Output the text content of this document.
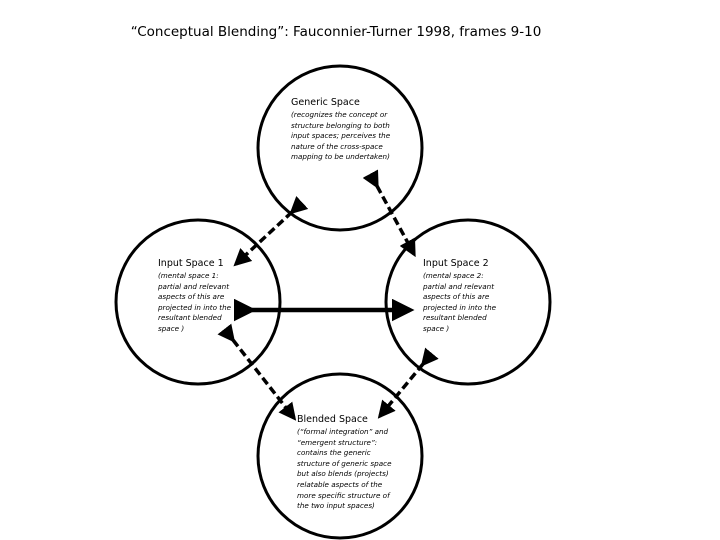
“Conceptual Blending”: Fauconnier-Turner 1998, frames 9-10
Generic Space
(recognizes the concept or
structure belonging to both
input spaces; perceives the
nature of the cross-space
mapping to be undertaken)
Input Space 1
(mental space 1:
partial and relevant
aspects of this are
projected in into the
resultant blended
space )
Input Space 2
(mental space 2:
partial and relevant
aspects of this are
projected in into the
resultant blended
space )
Blended Space
(“formal integration” and
“emergent structure”:
contains the generic
structure of generic space
but also blends (projects)
relatable aspects of the
more specific structure of
the two input spaces)
